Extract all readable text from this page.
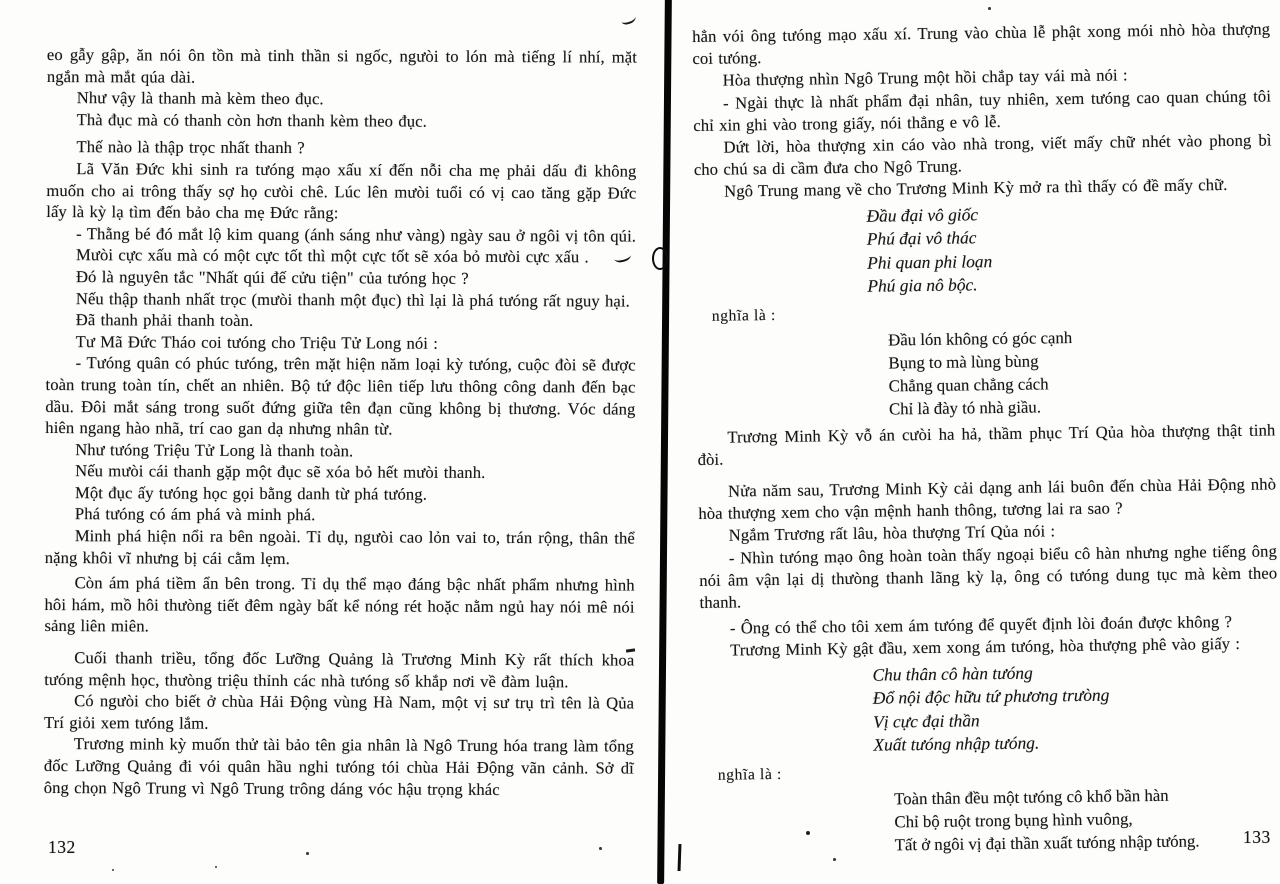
eo gẫy gập, ăn nói ôn tồn mà tinh thần si ngốc, ngưòi to lón mà tiếng lí nhí, mặt ngắn mà mắt qúa dài.
Như vậy là thanh mà kèm theo đục.
Thà đục mà có thanh còn hơn thanh kèm theo đục.
Thế nào là thập trọc nhất thanh ?
Lã Văn Đức khi sinh ra tưóng mạo xấu xí đến nỗi cha mẹ phải dấu đi không muốn cho ai trông thấy sợ họ cưòi chê. Lúc lên mưòi tuổi có vị cao tăng gặp Đức lấy là kỳ lạ tìm đến bảo cha mẹ Đức rằng:
- Thằng bé đó mắt lộ kim quang (ánh sáng như vàng) ngày sau ở ngôi vị tôn qúi.
Mưòi cực xấu mà có một cực tốt thì một cực tốt sẽ xóa bỏ mưòi cực xấu .
Đó là nguyên tắc "Nhất qúi đế cửu tiện" của tưóng học ?
Nếu thập thanh nhất trọc (mưòi thanh một đục) thì lại là phá tưóng rất nguy hại.
Đã thanh phải thanh toàn.
Tư Mã Đức Tháo coi tưóng cho Triệu Tử Long nói :
- Tưóng quân có phúc tưóng, trên mặt hiện năm loại kỳ tưóng, cuộc đòi sẽ được toàn trung toàn tín, chết an nhiên. Bộ tứ độc liên tiếp lưu thông công danh đến bạc dầu. Đôi mắt sáng trong suốt đứng giữa tên đạn cũng không bị thương. Vóc dáng hiên ngang hào nhã, trí cao gan dạ nhưng nhân từ.
Như tưóng Triệu Tử Long là thanh toàn.
Nếu mưòi cái thanh gặp một đục sẽ xóa bỏ hết mưòi thanh.
Một đục ấy tưóng học gọi bằng danh từ phá tưóng.
Phá tưóng có ám phá và minh phá.
Minh phá hiện nổi ra bên ngoài. Tỉ dụ, ngưòi cao lỏn vai to, trán rộng, thân thể nặng khôi vĩ nhưng bị cái cằm lẹm.
Còn ám phá tiềm ẩn bên trong. Tỉ dụ thể mạo đáng bậc nhất phẩm nhưng hình hôi hám, mồ hôi thưòng tiết đêm ngày bất kể nóng rét hoặc nằm ngủ hay nói mê nói sảng liên miên.
Cuối thanh triều, tổng đốc Lưỡng Quảng là Trương Minh Kỳ rất thích khoa tưóng mệnh học, thưòng triệu thỉnh các nhà tưóng số khắp nơi về đàm luận.
Có ngưòi cho biết ở chùa Hải Động vùng Hà Nam, một vị sư trụ trì tên là Qủa Trí giỏi xem tưóng lắm.
Trương minh kỳ muốn thử tài bảo tên gia nhân là Ngô Trung hóa trang làm tổng đốc Lưỡng Quảng đi vói quân hầu nghi tưóng tói chùa Hải Động vãn cảnh. Sở dĩ ông chọn Ngô Trung vì Ngô Trung trông dáng vóc hậu trọng khác
hẳn vói ông tưóng mạo xấu xí. Trung vào chùa lễ phật xong mói nhò hòa thượng coi tưóng.
Hòa thượng nhìn Ngô Trung một hồi chắp tay vái mà nói :
- Ngài thực là nhất phẩm đại nhân, tuy nhiên, xem tưóng cao quan chúng tôi chỉ xin ghi vào trong giấy, nói thẳng e vô lễ.
Dứt lời, hòa thượng xin cáo vào nhà trong, viết mấy chữ nhét vào phong bì cho chú sa di cầm đưa cho Ngô Trung.
Ngô Trung mang về cho Trương Minh Kỳ mở ra thì thấy có đề mấy chữ.
Đầu đại vô giốc
Phú đại vô thác
Phi quan phi loạn
Phú gia nô bộc.
nghĩa là :
Đầu lón không có góc cạnh
Bụng to mà lùng bùng
Chẳng quan chẳng cách
Chỉ là đày tó nhà giầu.
Trương Minh Kỳ vỗ án cưòi ha hả, thầm phục Trí Qủa hòa thượng thật tinh đòi.
Nửa năm sau, Trương Minh Kỳ cải dạng anh lái buôn đến chùa Hải Động nhò hòa thượng xem cho vận mệnh hanh thông, tương lai ra sao ?
Ngắm Trương rất lâu, hòa thượng Trí Qủa nói :
- Nhìn tưóng mạo ông hoàn toàn thấy ngoại biểu cô hàn nhưng nghe tiếng ông nói âm vận lại dị thưòng thanh lãng kỳ lạ, ông có tưóng dung tục mà kèm theo thanh.
- Ông có thể cho tôi xem ám tưóng để quyết định lòi đoán được không ?
Trương Minh Kỳ gật đầu, xem xong ám tưóng, hòa thượng phê vào giấy :
Chu thân cô hàn tưóng
Đổ nội độc hữu tứ phương trưòng
Vị cực đại thần
Xuất tưóng nhập tưóng.
nghĩa là :
Toàn thân đều một tưóng cô khổ bần hàn
Chỉ bộ ruột trong bụng hình vuông,
Tất ở ngôi vị đại thần xuất tưóng nhập tưóng.
132	133
